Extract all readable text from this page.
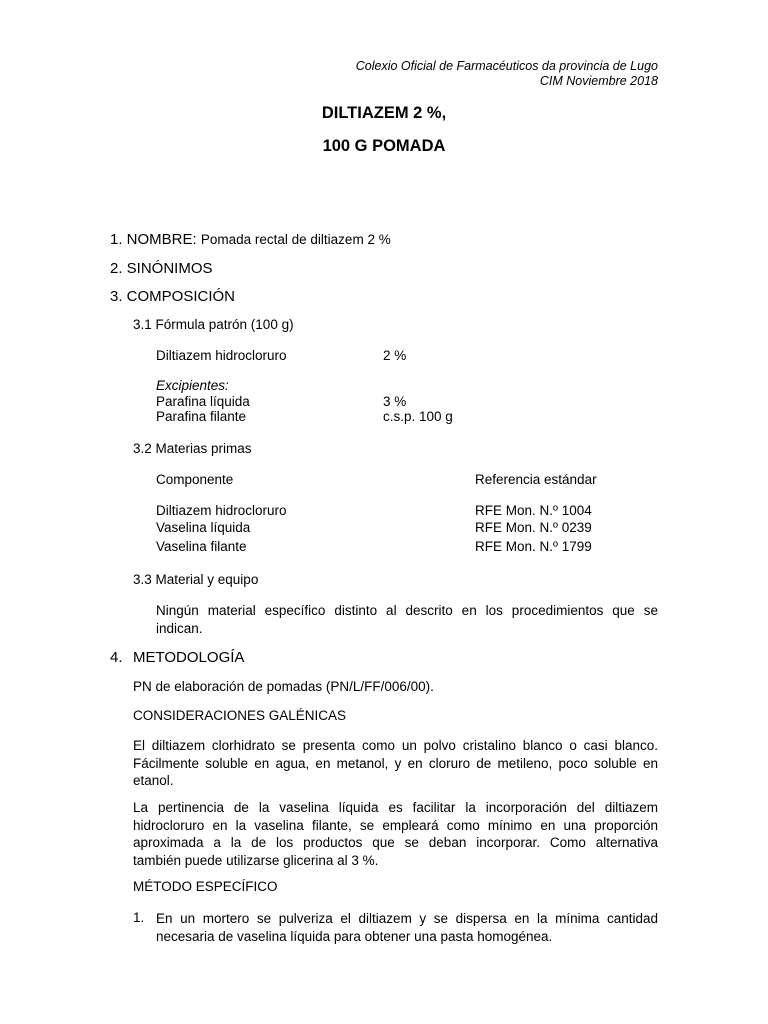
Colexio Oficial de Farmacéuticos da provincia de Lugo
CIM Noviembre 2018
DILTIAZEM 2 %,
100 G POMADA
1. NOMBRE: Pomada rectal de diltiazem 2 %
2. SINÓNIMOS
3. COMPOSICIÓN
3.1 Fórmula patrón (100 g)
Diltiazem hidrocloruro	2 %
Excipientes:
Parafina líquida	3 %
Parafina filante	c.s.p. 100 g
3.2 Materias primas
Componente	Referencia estándar
Diltiazem hidrocloruro	RFE Mon. N.º 1004
Vaselina líquida	RFE Mon. N.º 0239
Vaselina filante	RFE Mon. N.º 1799
3.3 Material y equipo
Ningún material específico distinto al descrito en los procedimientos que se
indican.
4. METODOLOGÍA
PN de elaboración de pomadas (PN/L/FF/006/00).
CONSIDERACIONES GALÉNICAS
El diltiazem clorhidrato se presenta como un polvo cristalino blanco o casi blanco.
Fácilmente soluble en agua, en metanol, y en cloruro de metileno, poco soluble en
etanol.
La pertinencia de la vaselina líquida es facilitar la incorporación del diltiazem
hidrocloruro en la vaselina filante, se empleará como mínimo en una proporción
aproximada a la de los productos que se deban incorporar. Como alternativa
también puede utilizarse glicerina al 3 %.
MÉTODO ESPECÍFICO
1. En un mortero se pulveriza el diltiazem y se dispersa en la mínima cantidad
necesaria de vaselina líquida para obtener una pasta homogénea.
